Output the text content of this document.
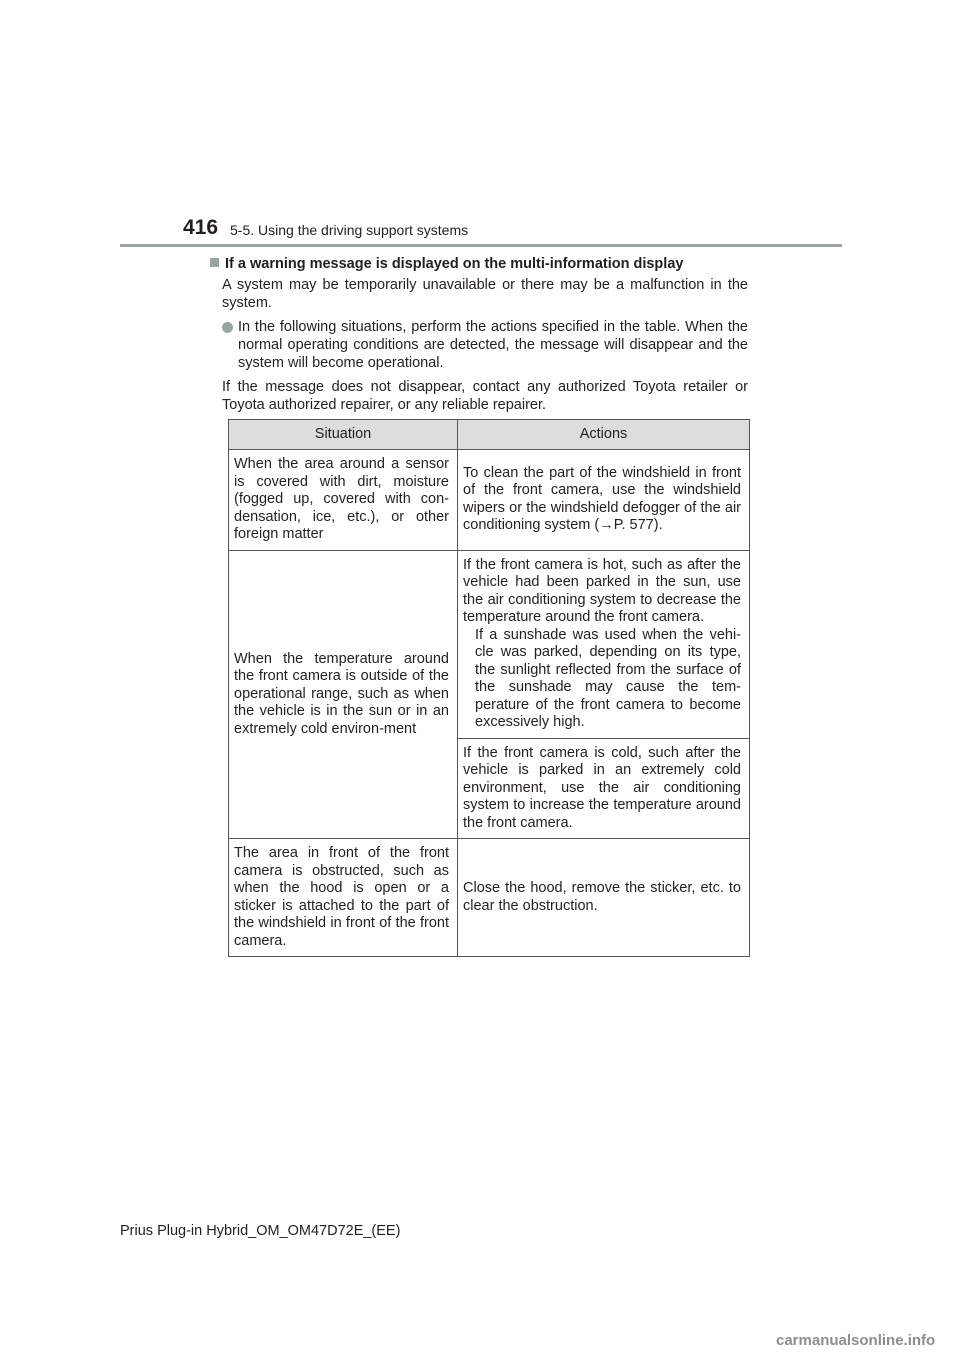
416 5-5. Using the driving support systems
If a warning message is displayed on the multi-information display
A system may be temporarily unavailable or there may be a malfunction in the system.
In the following situations, perform the actions specified in the table. When the normal operating conditions are detected, the message will disappear and the system will become operational.
If the message does not disappear, contact any authorized Toyota retailer or Toyota authorized repairer, or any reliable repairer.
Situation	Actions
When the area around a sensor is covered with dirt, moisture (fogged up, covered with con-densation, ice, etc.), or other foreign matter	To clean the part of the windshield in front of the front camera, use the windshield wipers or the windshield defogger of the air conditioning system (→P. 577).
When the temperature around the front camera is outside of the operational range, such as when the vehicle is in the sun or in an extremely cold environ-ment	If the front camera is hot, such as after the vehicle had been parked in the sun, use the air conditioning system to decrease the temperature around the front camera.
If a sunshade was used when the vehi-cle was parked, depending on its type, the sunlight reflected from the surface of the sunshade may cause the tem-perature of the front camera to become excessively high.

	If the front camera is cold, such after the vehicle is parked in an extremely cold environment, use the air conditioning system to increase the temperature around the front camera.
The area in front of the front camera is obstructed, such as when the hood is open or a sticker is attached to the part of the windshield in front of the front camera.	Close the hood, remove the sticker, etc. to clear the obstruction.
Prius Plug-in Hybrid_OM_OM47D72E_(EE)
carmanualsonline.info
